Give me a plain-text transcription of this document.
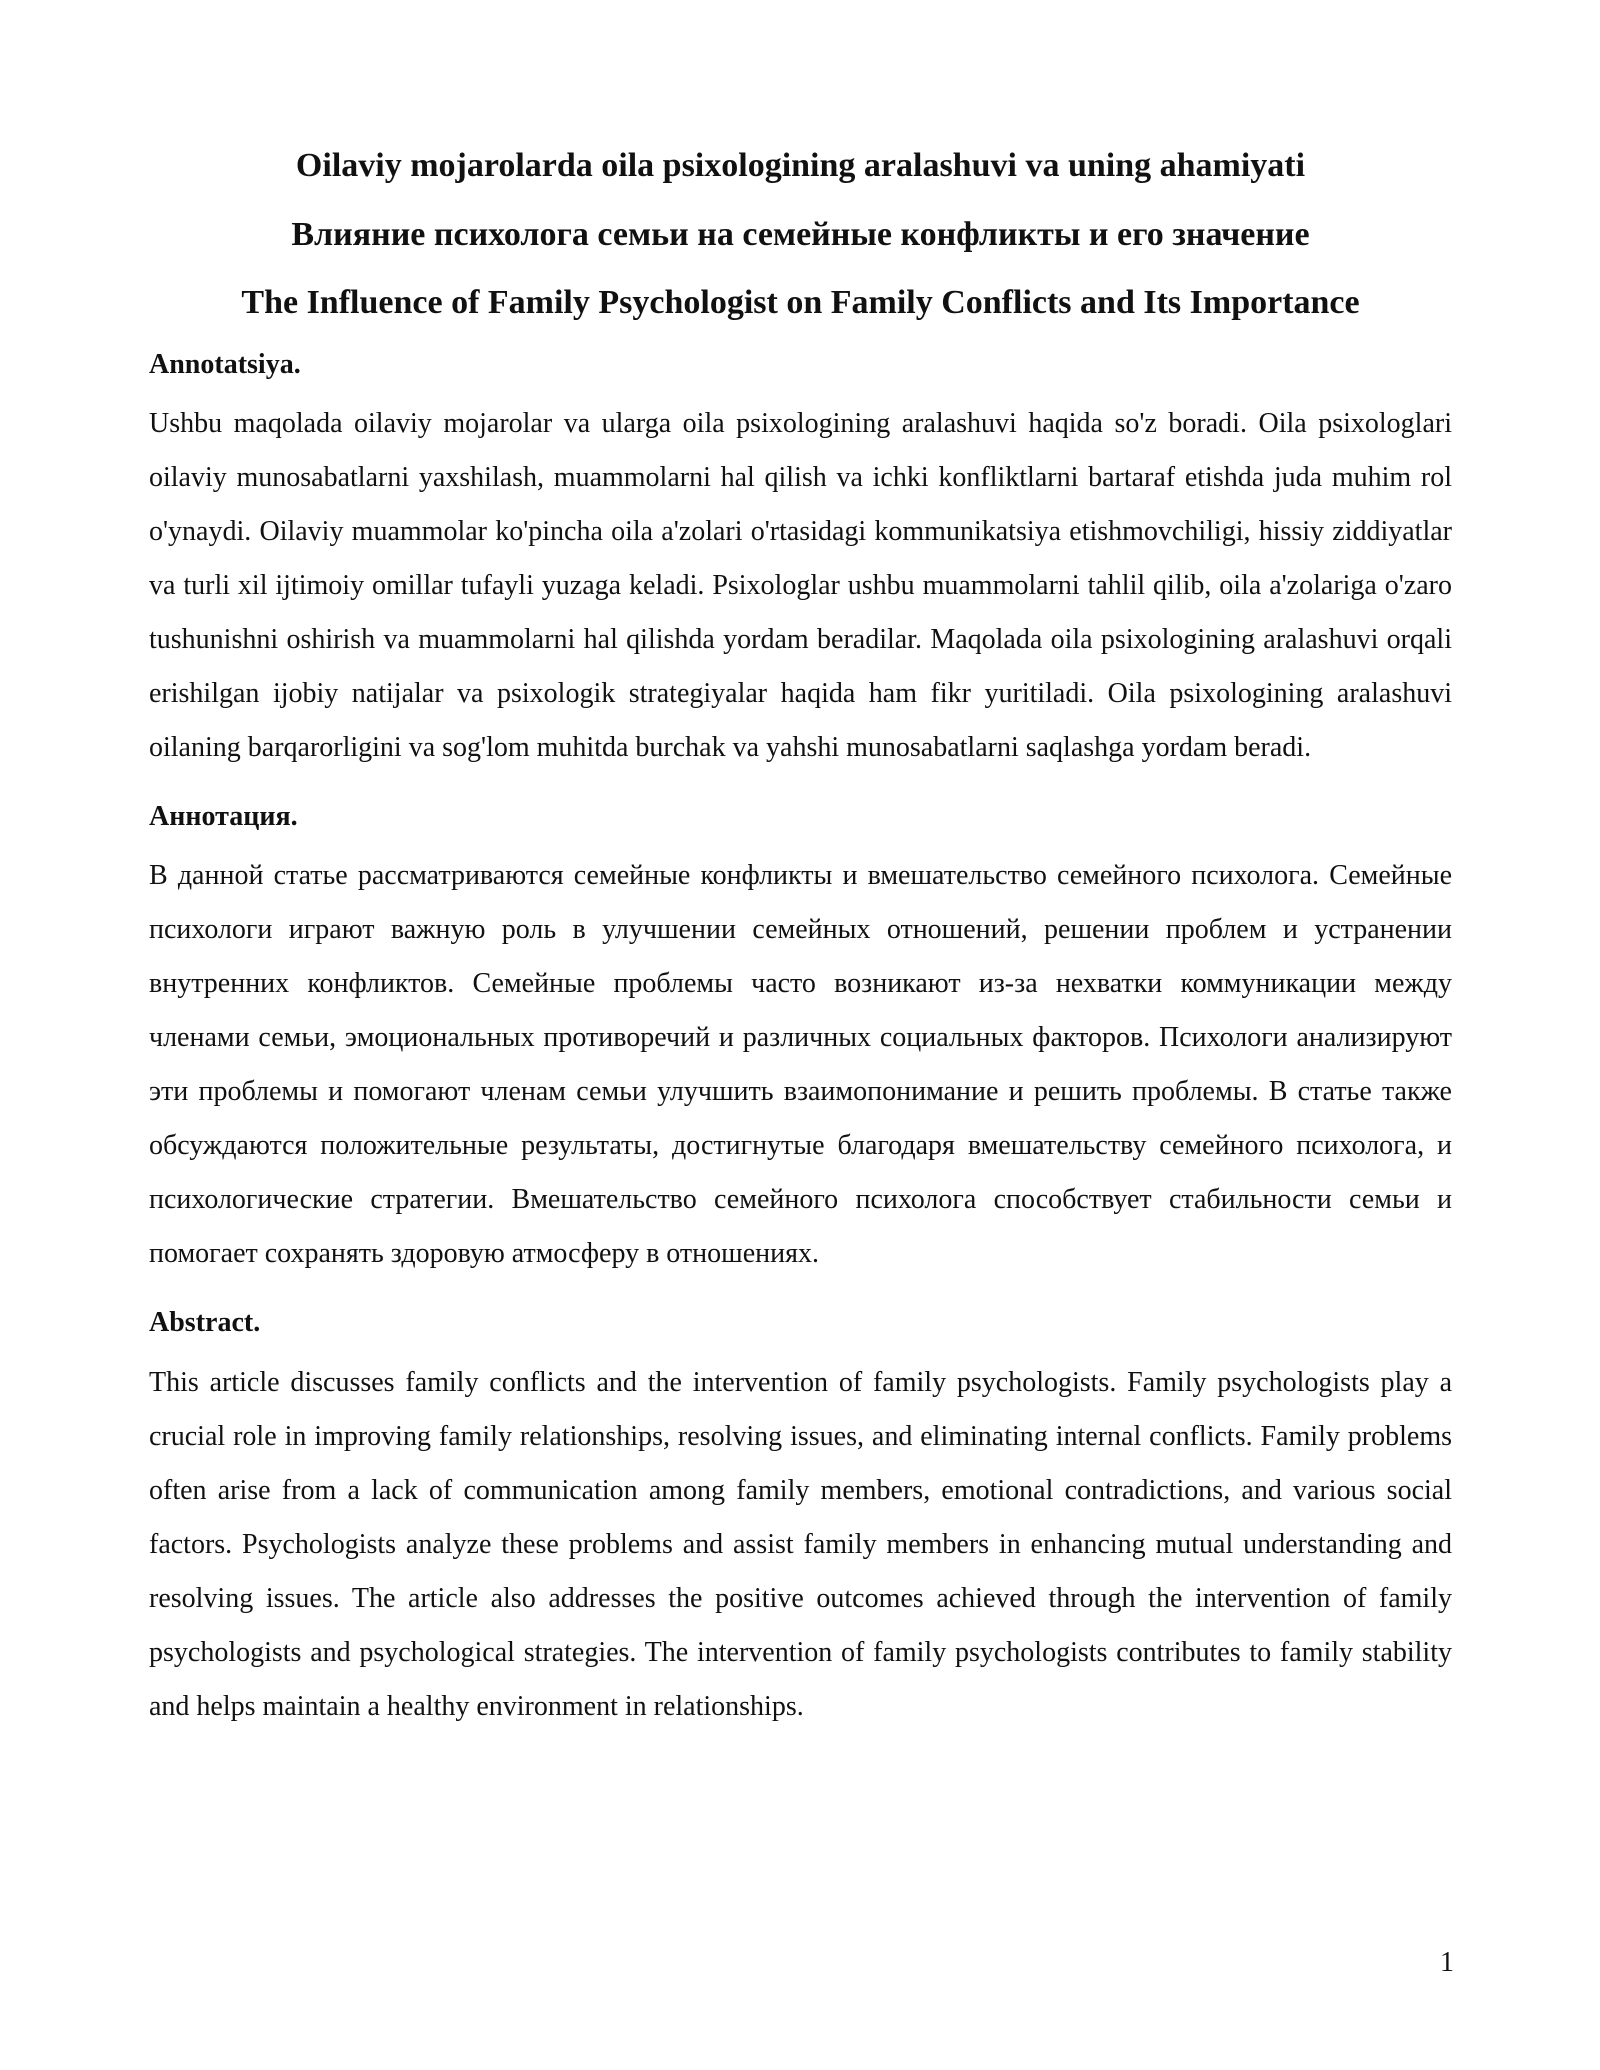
Oilaviy mojarolarda oila psixologining aralashuvi va uning ahamiyati
Влияние психолога семьи на семейные конфликты и его значение
The Influence of Family Psychologist on Family Conflicts and Its Importance
Annotatsiya.

Ushbu maqolada oilaviy mojarolar va ularga oila psixologining aralashuvi haqida so'z boradi. Oila psixologlari oilaviy munosabatlarni yaxshilash, muammolarni hal qilish va ichki konfliktlarni bartaraf etishda juda muhim rol o'ynaydi. Oilaviy muammolar ko'pincha oila a'zolari o'rtasidagi kommunikatsiya etishmovchiligi, hissiy ziddiyatlar va turli xil ijtimoiy omillar tufayli yuzaga keladi. Psixologlar ushbu muammolarni tahlil qilib, oila a'zolariga o'zaro tushunishni oshirish va muammolarni hal qilishda yordam beradilar. Maqolada oila psixologining aralashuvi orqali erishilgan ijobiy natijalar va psixologik strategiyalar haqida ham fikr yuritiladi. Oila psixologining aralashuvi oilaning barqarorligini va sog'lom muhitda burchak va yahshi munosabatlarni saqlashga yordam beradi.

Аннотация.

В данной статье рассматриваются семейные конфликты и вмешательство семейного психолога. Семейные психологи играют важную роль в улучшении семейных отношений, решении проблем и устранении внутренних конфликтов. Семейные проблемы часто возникают из-за нехватки коммуникации между членами семьи, эмоциональных противоречий и различных социальных факторов. Психологи анализируют эти проблемы и помогают членам семьи улучшить взаимопонимание и решить проблемы. В статье также обсуждаются положительные результаты, достигнутые благодаря вмешательству семейного психолога, и психологические стратегии. Вмешательство семейного психолога способствует стабильности семьи и помогает сохранять здоровую атмосферу в отношениях.

Abstract.

This article discusses family conflicts and the intervention of family psychologists. Family psychologists play a crucial role in improving family relationships, resolving issues, and eliminating internal conflicts. Family problems often arise from a lack of communication among family members, emotional contradictions, and various social factors. Psychologists analyze these problems and assist family members in enhancing mutual understanding and resolving issues. The article also addresses the positive outcomes achieved through the intervention of family psychologists and psychological strategies. The intervention of family psychologists contributes to family stability and helps maintain a healthy environment in relationships.

1
